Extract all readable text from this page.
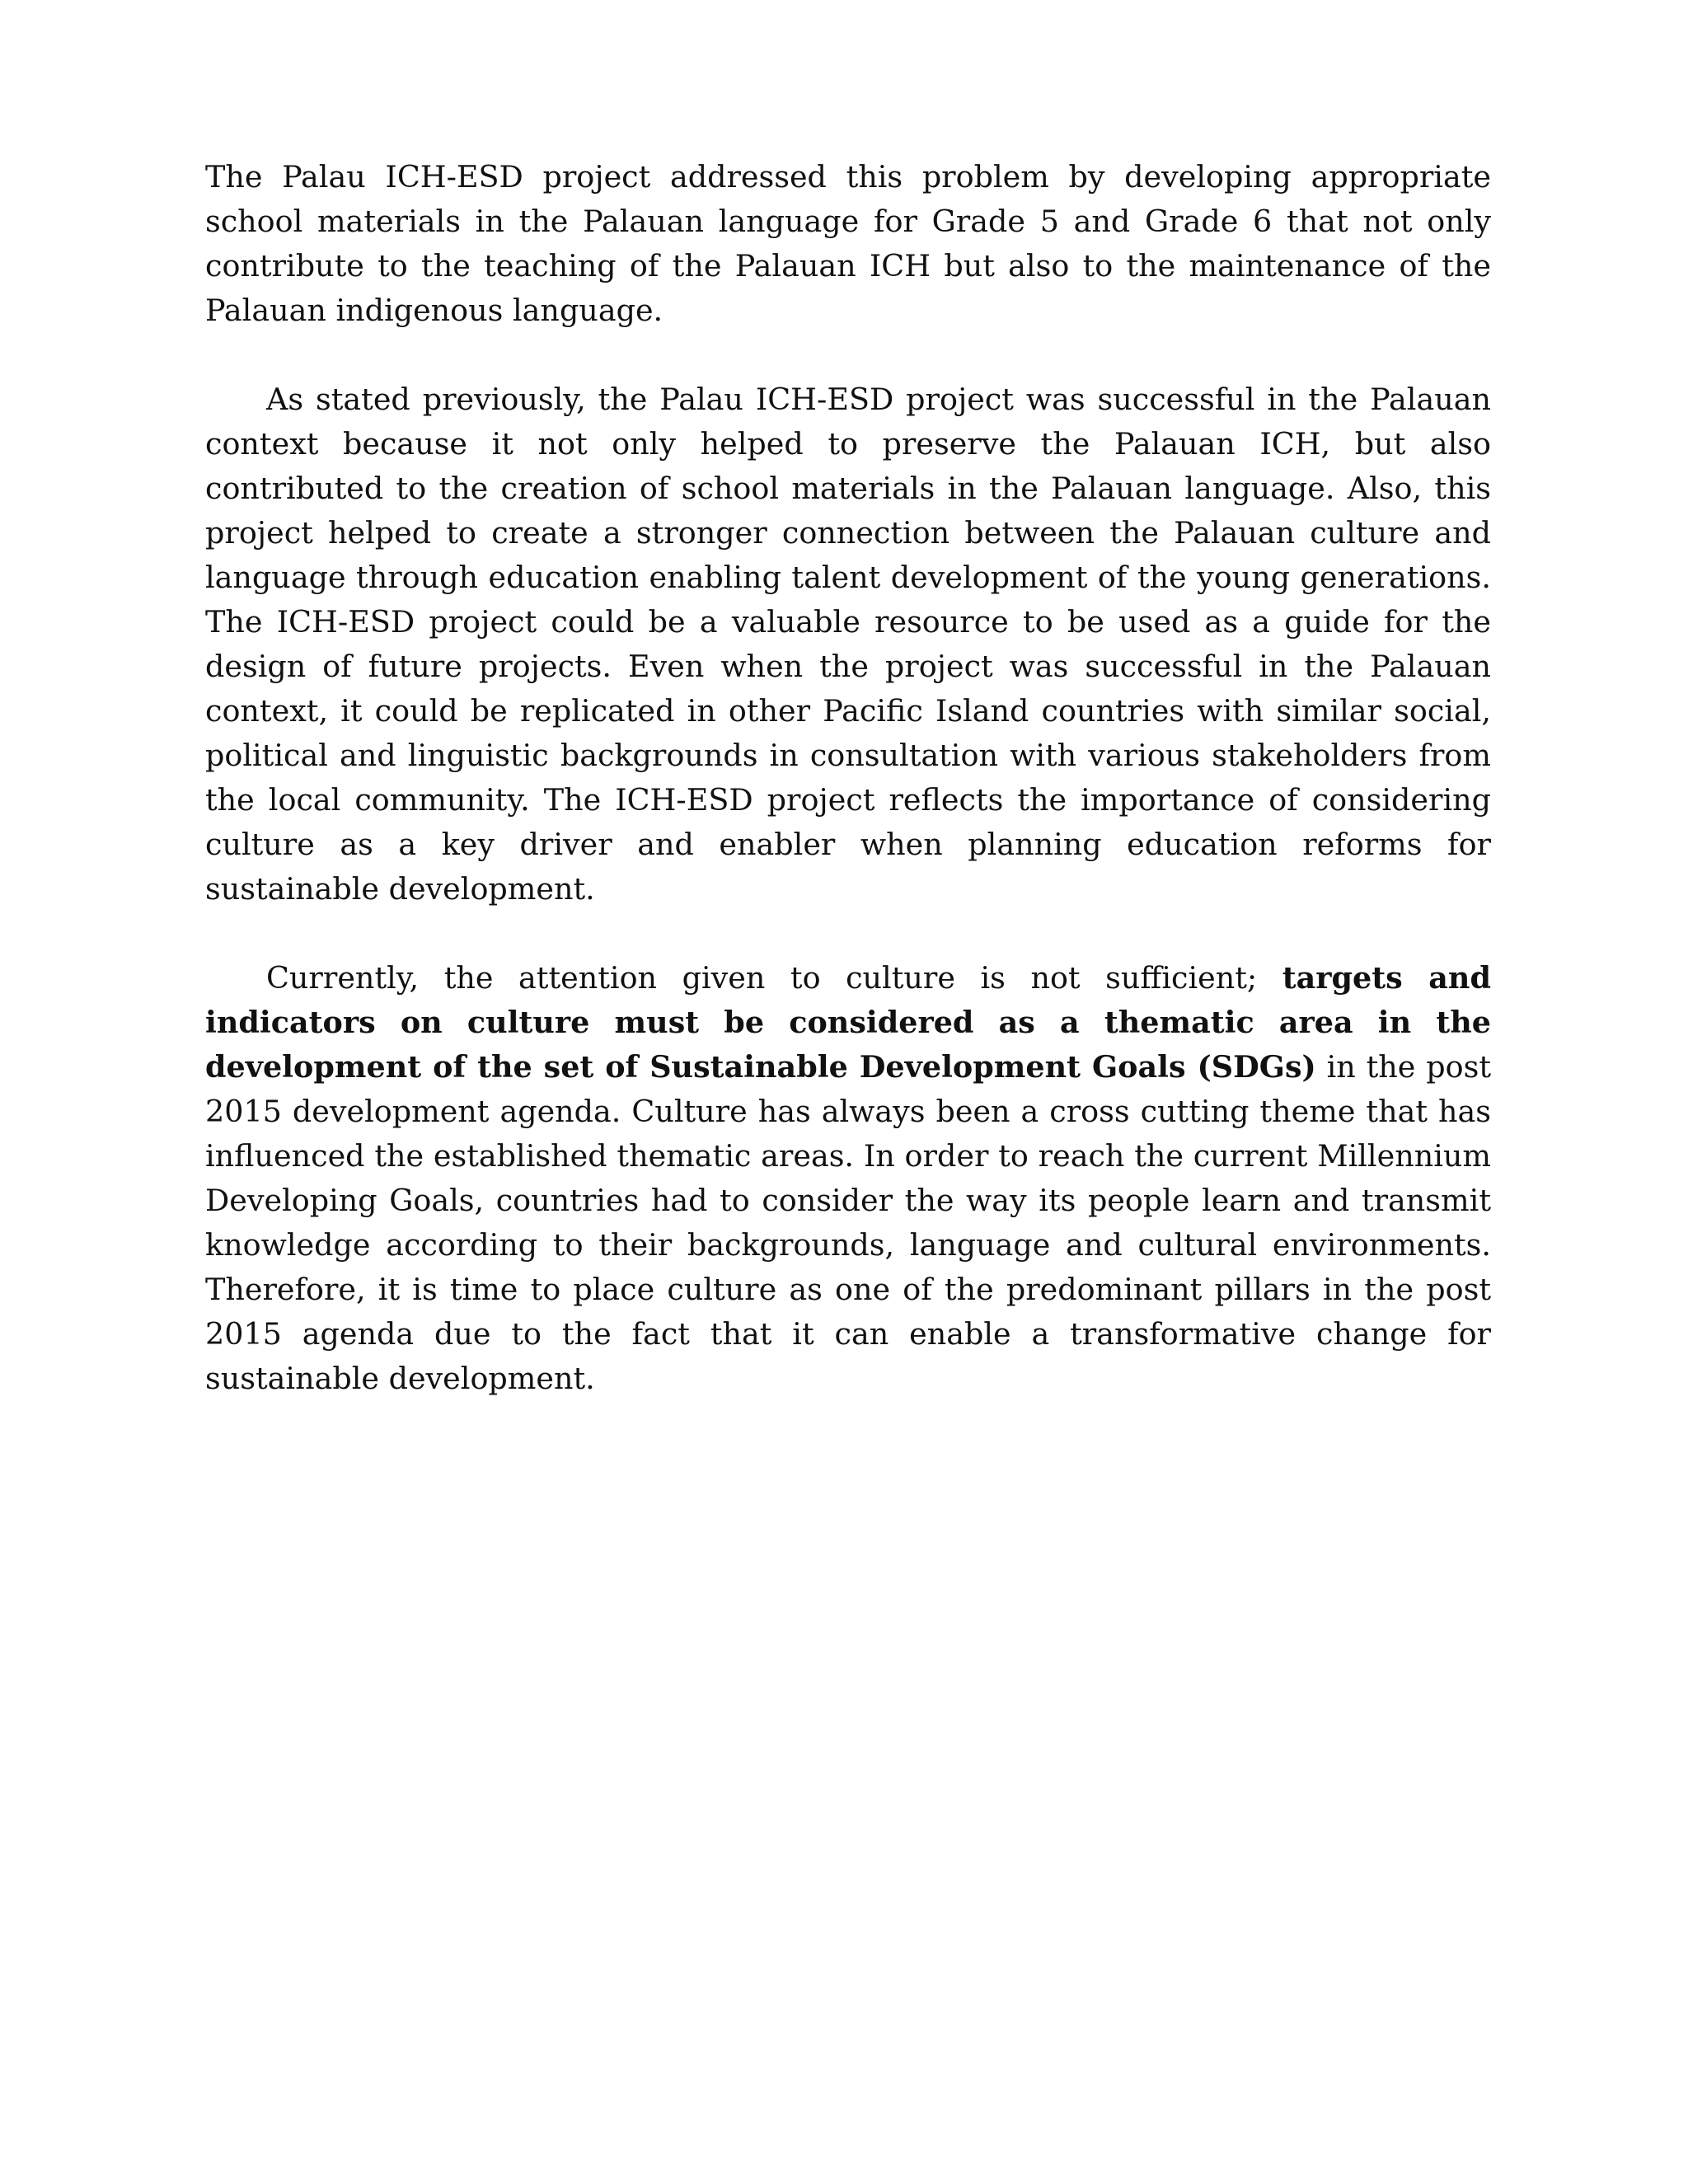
The Palau ICH-ESD project addressed this problem by developing appropriate school materials in the Palauan language for Grade 5 and Grade 6 that not only contribute to the teaching of the Palauan ICH but also to the maintenance of the Palauan indigenous language.

As stated previously, the Palau ICH-ESD project was successful in the Palauan context because it not only helped to preserve the Palauan ICH, but also contributed to the creation of school materials in the Palauan language. Also, this project helped to create a stronger connection between the Palauan culture and language through education enabling talent development of the young generations. The ICH-ESD project could be a valuable resource to be used as a guide for the design of future projects. Even when the project was successful in the Palauan context, it could be replicated in other Pacific Island countries with similar social, political and linguistic backgrounds in consultation with various stakeholders from the local community. The ICH-ESD project reflects the importance of considering culture as a key driver and enabler when planning education reforms for sustainable development.

Currently, the attention given to culture is not sufficient; targets and indicators on culture must be considered as a thematic area in the development of the set of Sustainable Development Goals (SDGs) in the post 2015 development agenda. Culture has always been a cross cutting theme that has influenced the established thematic areas. In order to reach the current Millennium Developing Goals, countries had to consider the way its people learn and transmit knowledge according to their backgrounds, language and cultural environments. Therefore, it is time to place culture as one of the predominant pillars in the post 2015 agenda due to the fact that it can enable a transformative change for sustainable development.
